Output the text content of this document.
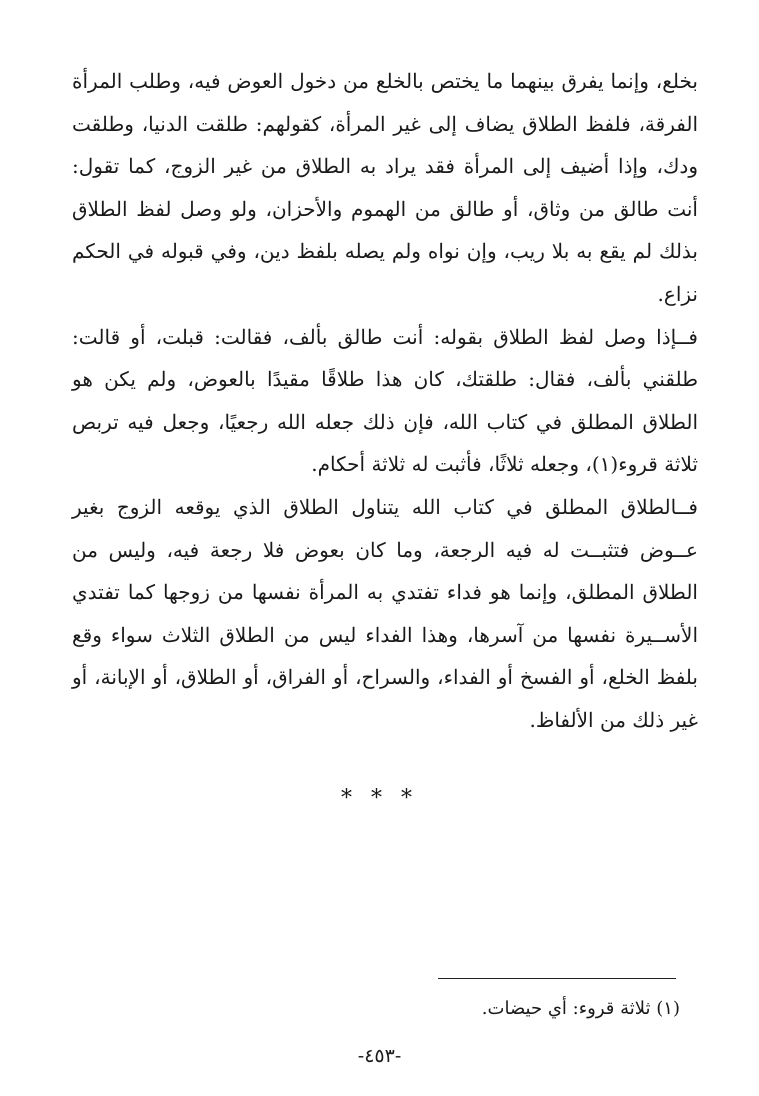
بخلع، وإنما يفرق بينهما ما يختص بالخلع من دخول العوض فيه، وطلب المرأة الفرقة، فلفظ الطلاق يضاف إلى غير المرأة، كقولهم: طلقت الدنيا، وطلقت ودك، وإذا أضيف إلى المرأة فقد يراد به الطلاق من غير الزوج، كما تقول: أنت طالق من وثاق، أو طالق من الهموم والأحزان، ولو وصل لفظ الطلاق بذلك لم يقع به بلا ريب، وإن نواه ولم يصله بلفظ دين، وفي قبوله في الحكم نزاع.

فــإذا وصل لفظ الطلاق بقوله: أنت طالق بألف، فقالت: قبلت، أو قالت: طلقني بألف، فقال: طلقتك، كان هذا طلاقًا مقيدًا بالعوض، ولم يكن هو الطلاق المطلق في كتاب الله، فإن ذلك جعله الله رجعيًا، وجعل فيه تربص ثلاثة قروء(١)، وجعله ثلاثًا، فأثبت له ثلاثة أحكام.

فــالطلاق المطلق في كتاب الله يتناول الطلاق الذي يوقعه الزوج بغير عــوض فتثبــت له فيه الرجعة، وما كان بعوض فلا رجعة فيه، وليس من الطلاق المطلق، وإنما هو فداء تفتدي به المرأة نفسها من زوجها كما تفتدي الأســيرة نفسها من آسرها، وهذا الفداء ليس من الطلاق الثلاث سواء وقع بلفظ الخلع، أو الفسخ أو الفداء، والسراح، أو الفراق، أو الطلاق، أو الإبانة، أو غير ذلك من الألفاظ.

* * *
(١) ثلاثة قروء: أي حيضات.
-٤٥٣-
